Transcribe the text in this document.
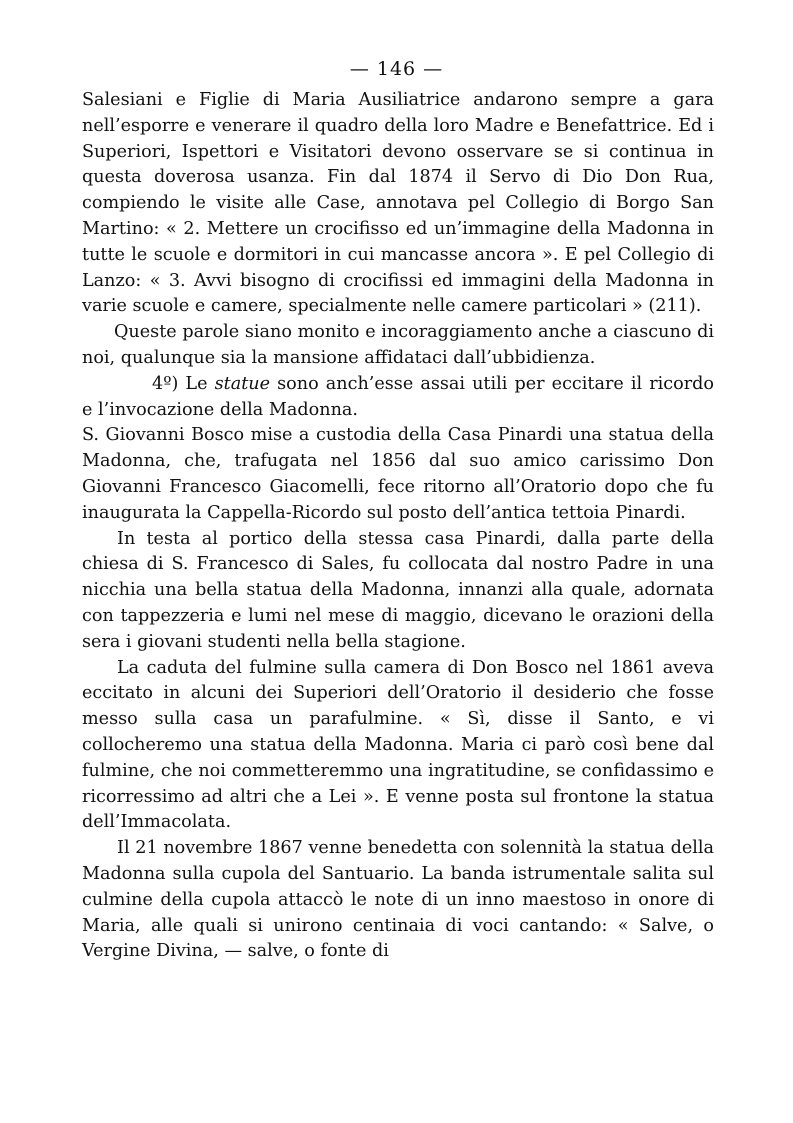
— 146 —

Salesiani e Figlie di Maria Ausiliatrice andarono sempre a gara nell’esporre e venerare il quadro della loro Madre e Benefattrice. Ed i Superiori, Ispettori e Visitatori devono osservare se si continua in questa doverosa usanza. Fin dal 1874 il Servo di Dio Don Rua, compiendo le visite alle Case, annotava pel Collegio di Borgo San Martino: « 2. Mettere un crocifisso ed un’immagine della Madonna in tutte le scuole e dormitori in cui mancasse ancora ». E pel Collegio di Lanzo: « 3. Avvi bisogno di crocifissi ed immagini della Madonna in varie scuole e camere, specialmente nelle camere particolari » (211).

Queste parole siano monito e incoraggiamento anche a ciascuno di noi, qualunque sia la mansione affidataci dall’ubbidienza.

4º) Le statue sono anch’esse assai utili per eccitare il ricordo e l’invocazione della Madonna.

S. Giovanni Bosco mise a custodia della Casa Pinardi una statua della Madonna, che, trafugata nel 1856 dal suo amico carissimo Don Giovanni Francesco Giacomelli, fece ritorno all’Oratorio dopo che fu inaugurata la Cappella-Ricordo sul posto dell’antica tettoia Pinardi.

In testa al portico della stessa casa Pinardi, dalla parte della chiesa di S. Francesco di Sales, fu collocata dal nostro Padre in una nicchia una bella statua della Madonna, innanzi alla quale, adornata con tappezzeria e lumi nel mese di maggio, dicevano le orazioni della sera i giovani studenti nella bella stagione.

La caduta del fulmine sulla camera di Don Bosco nel 1861 aveva eccitato in alcuni dei Superiori dell’Oratorio il desiderio che fosse messo sulla casa un parafulmine. « Sì, disse il Santo, e vi collocheremo una statua della Madonna. Maria ci parò così bene dal fulmine, che noi commetteremmo una ingratitudine, se confidassimo e ricorressimo ad altri che a Lei ». E venne posta sul frontone la statua dell’Immacolata.

Il 21 novembre 1867 venne benedetta con solennità la statua della Madonna sulla cupola del Santuario. La banda istrumentale salita sul culmine della cupola attaccò le note di un inno maestoso in onore di Maria, alle quali si unirono centinaia di voci cantando: « Salve, o Vergine Divina, — salve, o fonte di
